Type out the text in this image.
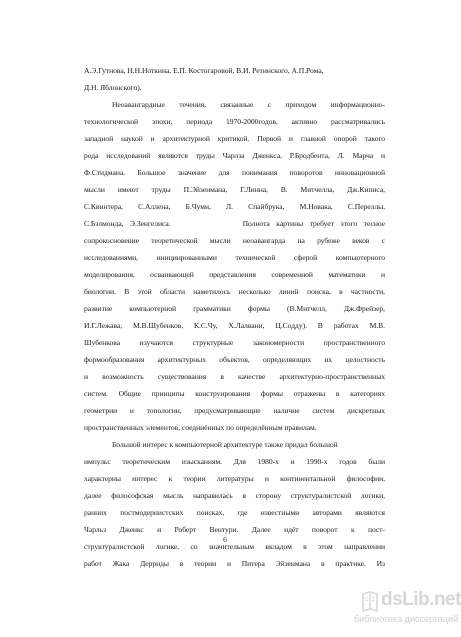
А.Э.Гутнова, Н.Н.Ноткина, Е.П. Костогаровой, В.И. Ретинского, А.П.Рома,
Д.Н. Яблонского).
Неоавангардные течения, связанные с приходом информационно-
технологической эпохи, периода 1970-2000годов, активно рассматривались
западной наукой и архитектурной критикой. Первой и главной опорой такого
рода исследований являются труды Чарлза Дженкса, Р.Бродбента, Л. Марча и
Ф.Стидмана. Большое значение для понимания поворотов инновационной
мысли имеют труды П.Эйзенмана, Г.Линна, В. Митчелла, Дж.Киписа,
С.Квинтера, С.Аллена, Б.Чуми, Л. Спайбрука, М.Новака, С.Переллы,
С.Бэлмонда, Э.Зенгелиса.           Полнота картины требует этого тесное
сопрокосновение теоретической мысли неоавангарда на рубеже веков с
исследованиями, инициированными технической сферой компьютерного
моделирования, осваивающей представления современной математики и
биологии. В этой области наметилось несколько линий поиска, в частности,
развитие компьютерной грамматики формы (В.Митчелл, Дж.Фрейзер,
И.Г.Лежава, М.В.Шубенков, К.С.Чу, Х.Лалвани, Ц.Содду). В работах М.В.
Шубенкова изучаются структурные закономерности пространственного
формообразования архитектурных объектов, определяющих их целостность
и возможность существования в качестве архитектурно-пространственных
систем. Общие принципы конструирования формы отражены в категориях
геометрии и топологии, предусматривающие наличие систем дискретных
пространственных элементов, соединённых по определённым правилам.
Большой интерес к компьютерной архитектуре также придал большой
импульс теоретическим изысканиям. Для 1980-х и 1990-х годов были
характерны интерес к теории литературы и континентальной философии,
далее философская мысль направилась в сторону структуралистской логики,
ранних постмодернистских поисках, где известными авторами являются
Чарльз Дженкс и Роберт Вентури. Далее идёт поворот к пост-
структуралистской логике, со значительным вкладом в этом направлении
работ Жака Дерриды в теории и Питера Эйзенмана в практике. Из
6
dsLib.net
библиотека диссертаций
